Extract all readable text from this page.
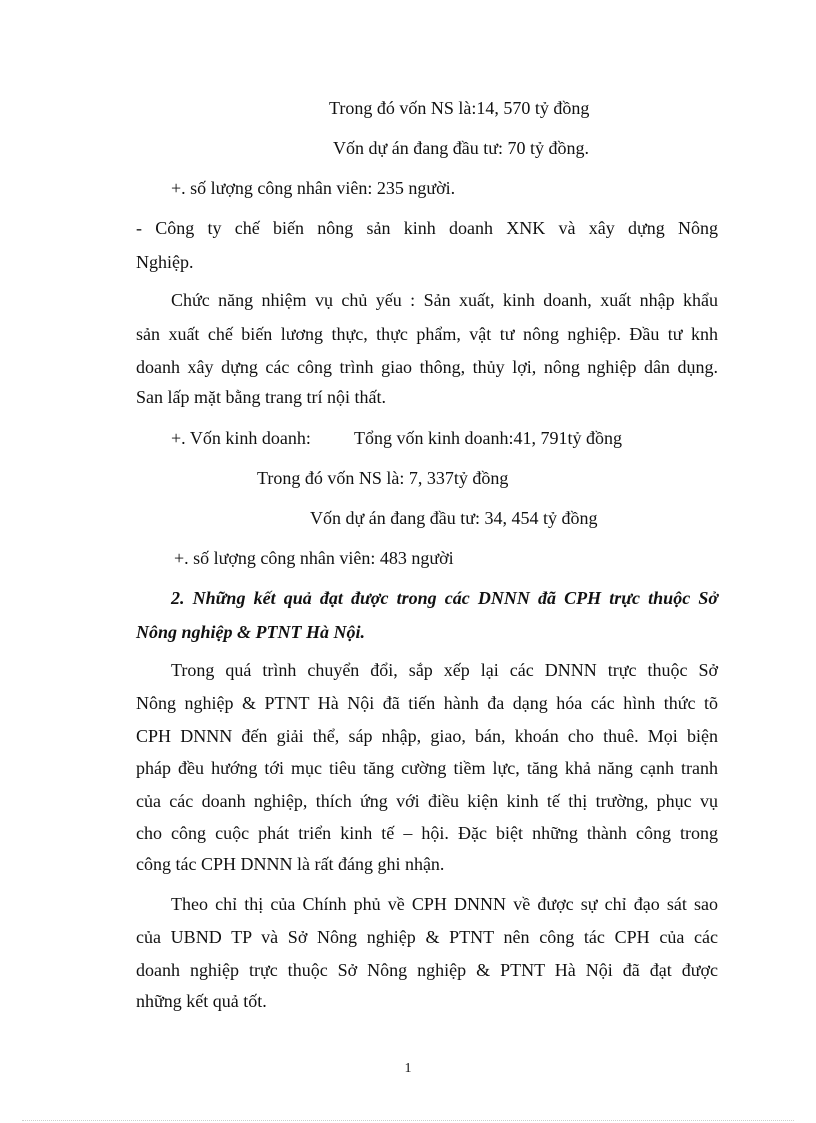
Trong đó vốn NS là:14, 570 tỷ đồng

Vốn dự án đang đầu tư: 70 tỷ đồng.

+. số lượng công nhân viên: 235 người.

- Công ty chế biến nông sản kinh doanh XNK và xây dựng Nông

Nghiệp.

Chức năng nhiệm vụ chủ yếu : Sản xuất, kinh doanh, xuất nhập khẩu

sản xuất chế biến lương thực, thực phẩm, vật tư nông nghiệp. Đầu tư knh

doanh xây dựng các công trình giao thông, thủy lợi, nông nghiệp dân dụng.

San lấp mặt bằng trang trí nội thất.

+. Vốn kinh doanh: Tổng vốn kinh doanh:41, 791tỷ đồng

Trong đó vốn NS là: 7, 337tỷ đồng

Vốn dự án đang đầu tư: 34, 454 tỷ đồng

+. số lượng công nhân viên: 483 người

2. Những kết quả đạt được trong các DNNN đã CPH trực thuộc Sở

Nông nghiệp & PTNT Hà Nội.

Trong quá trình chuyển đổi, sắp xếp lại các DNNN trực thuộc Sở

Nông nghiệp & PTNT Hà Nội đã tiến hành đa dạng hóa các hình thức tõ

CPH DNNN đến giải thể, sáp nhập, giao, bán, khoán cho thuê. Mọi biện

pháp đều hướng tới mục tiêu tăng cường tiềm lực, tăng khả năng cạnh tranh

của các doanh nghiệp, thích ứng với điều kiện kinh tế thị trường, phục vụ

cho công cuộc phát triển kinh tế – hội. Đặc biệt những thành công trong

công tác CPH DNNN là rất đáng ghi nhận.

Theo chỉ thị của Chính phủ về CPH DNNN về được sự chỉ đạo sát sao

của UBND TP và Sở Nông nghiệp & PTNT nên công tác CPH của các

doanh nghiệp trực thuộc Sở Nông nghiệp & PTNT Hà Nội đã đạt được

những kết quả tốt.

1
